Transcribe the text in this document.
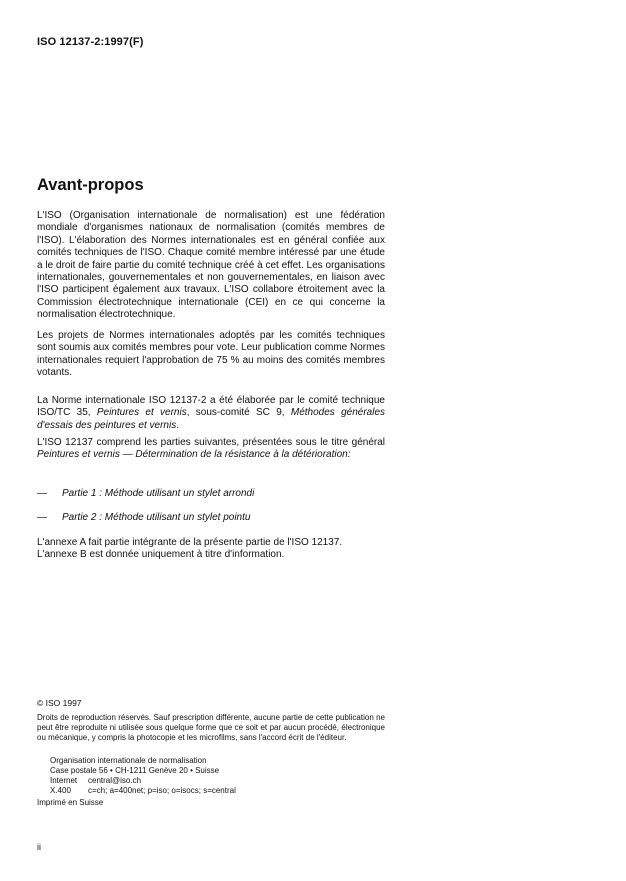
ISO 12137-2:1997(F)
Avant-propos

L'ISO (Organisation internationale de normalisation) est une fédération mondiale d'organismes nationaux de normalisation (comités membres de l'ISO). L'élaboration des Normes internationales est en général confiée aux comités techniques de l'ISO. Chaque comité membre intéressé par une étude a le droit de faire partie du comité technique créé à cet effet. Les organisations internationales, gouvernementales et non gouvernementales, en liaison avec l'ISO participent également aux travaux. L'ISO collabore étroitement avec la Commission électrotechnique internationale (CEI) en ce qui concerne la normalisation électrotechnique.

Les projets de Normes internationales adoptés par les comités techniques sont soumis aux comités membres pour vote. Leur publication comme Normes internationales requiert l'approbation de 75 % au moins des comités membres votants.

La Norme internationale ISO 12137-2 a été élaborée par le comité technique ISO/TC 35, Peintures et vernis, sous-comité SC 9, Méthodes générales d'essais des peintures et vernis.

L'ISO 12137 comprend les parties suivantes, présentées sous le titre général Peintures et vernis — Détermination de la résistance à la détérioration:

— Partie 1 : Méthode utilisant un stylet arrondi

— Partie 2 : Méthode utilisant un stylet pointu

L'annexe A fait partie intégrante de la présente partie de l'ISO 12137.
L'annexe B est donnée uniquement à titre d'information.

© ISO 1997

Droits de reproduction réservés. Sauf prescription différente, aucune partie de cette publication ne peut être reproduite ni utilisée sous quelque forme que ce soit et par aucun procédé, électronique ou mécanique, y compris la photocopie et les microfilms, sans l'accord écrit de l'éditeur.

Organisation internationale de normalisation
Case postale 56 • CH-1211 Genève 20 • Suisse
Internet central@iso.ch
X.400 c=ch; a=400net; p=iso; o=isocs; s=central
Imprimé en Suisse
ii
